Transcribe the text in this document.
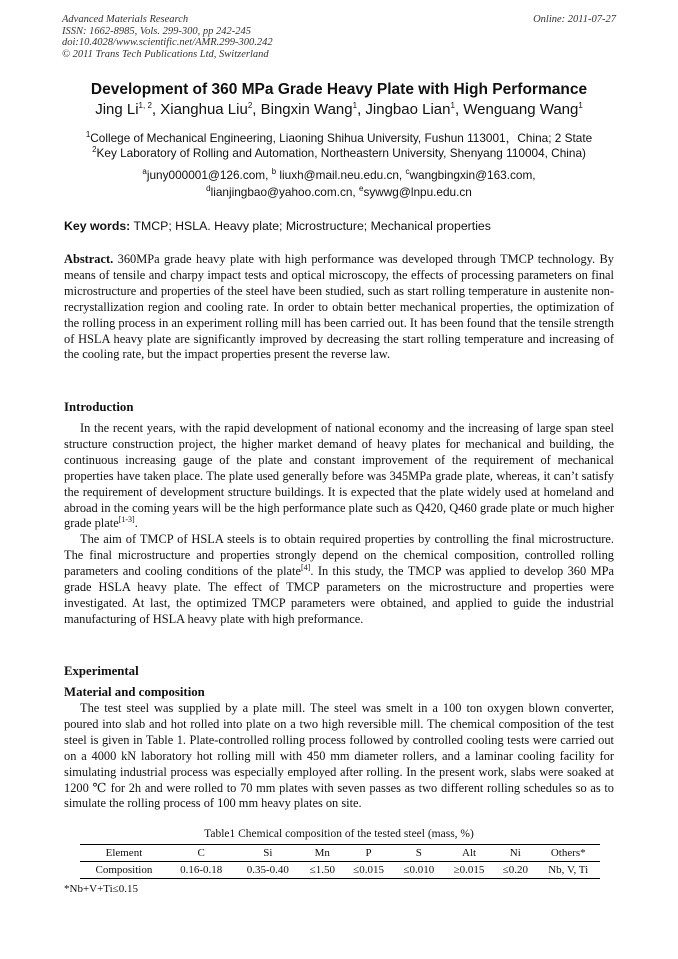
Advanced Materials Research
ISSN: 1662-8985, Vols. 299-300, pp 242-245
doi:10.4028/www.scientific.net/AMR.299-300.242
© 2011 Trans Tech Publications Ltd, Switzerland
Online: 2011-07-27
Development of 360 MPa Grade Heavy Plate with High Performance
Jing Li$^{1, 2}$, Xianghua Liu$^2$, Bingxin Wang$^1$, Jingbao Lian$^1$, Wenguang Wang$^1$
$^1$College of Mechanical Engineering, Liaoning Shihua University, Fushun 113001，China; 2 State
$^2$Key Laboratory of Rolling and Automation, Northeastern University, Shenyang 110004, China)
$^a$juny000001@126.com, $^b$ liuxh@mail.neu.edu.cn, $^c$wangbingxin@163.com,
$^d$lianjingbao@yahoo.com.cn, $^e$sywwg@lnpu.edu.cn
Key words: TMCP; HSLA. Heavy plate; Microstructure; Mechanical properties

Abstract. 360MPa grade heavy plate with high performance was developed through TMCP technology. By means of tensile and charpy impact tests and optical microscopy, the effects of processing parameters on final microstructure and properties of the steel have been studied, such as start rolling temperature in austenite non-recrystallization region and cooling rate. In order to obtain better mechanical properties, the optimization of the rolling process in an experiment rolling mill has been carried out. It has been found that the tensile strength of HSLA heavy plate are significantly improved by decreasing the start rolling temperature and increasing of the cooling rate, but the impact properties present the reverse law.

Introduction

In the recent years, with the rapid development of national economy and the increasing of large span steel structure construction project, the higher market demand of heavy plates for mechanical and building, the continuous increasing gauge of the plate and constant improvement of the requirement of mechanical properties have taken place. The plate used generally before was 345MPa grade plate, whereas, it can’t satisfy the requirement of development structure buildings. It is expected that the plate widely used at homeland and abroad in the coming years will be the high performance plate such as Q420, Q460 grade plate or much higher grade plate[1-3].

The aim of TMCP of HSLA steels is to obtain required properties by controlling the final microstructure. The final microstructure and properties strongly depend on the chemical composition, controlled rolling parameters and cooling conditions of the plate[4]. In this study, the TMCP was applied to develop 360 MPa grade HSLA heavy plate. The effect of TMCP parameters on the microstructure and properties were investigated. At last, the optimized TMCP parameters were obtained, and applied to guide the industrial manufacturing of HSLA heavy plate with high preformance.

Experimental
Material and composition

The test steel was supplied by a plate mill. The steel was smelt in a 100 ton oxygen blown converter, poured into slab and hot rolled into plate on a two high reversible mill. The chemical composition of the test steel is given in Table 1. Plate-controlled rolling process followed by controlled cooling tests were carried out on a 4000 kN laboratory hot rolling mill with 450 mm diameter rollers, and a laminar cooling facility for simulating industrial process was especially employed after rolling. In the present work, slabs were soaked at 1200 ℃ for 2h and were rolled to 70 mm plates with seven passes as two different rolling schedules so as to simulate the rolling process of 100 mm heavy plates on site.

Table1 Chemical composition of the tested steel (mass, %)
Element	C	Si	Mn	P	S	Alt	Ni	Others*
Composition	0.16-0.18	0.35-0.40	≤1.50	≤0.015	≤0.010	≥0.015	≤0.20	Nb, V, Ti
*Nb+V+Ti≤0.15
